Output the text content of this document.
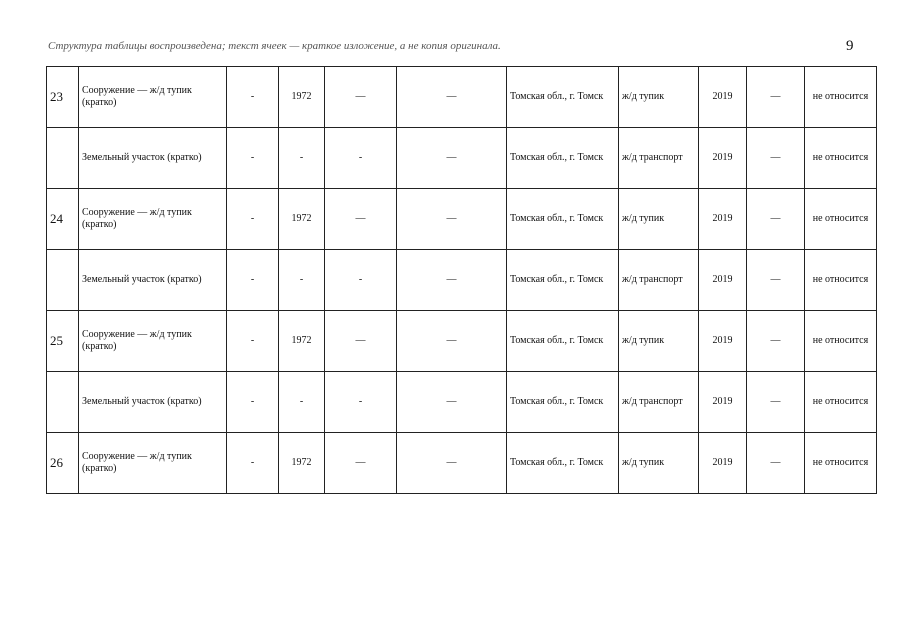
9
Структура таблицы воспроизведена; текст ячеек — краткое изложение, а не копия оригинала.
23	Сооружение — ж/д тупик (кратко)	-	1972	—	—	Томская обл., г. Томск	ж/д тупик	2019	—	не относится
	Земельный участок (кратко)	-	-	-	—	Томская обл., г. Томск	ж/д транспорт	2019	—	не относится
24	Сооружение — ж/д тупик (кратко)	-	1972	—	—	Томская обл., г. Томск	ж/д тупик	2019	—	не относится
	Земельный участок (кратко)	-	-	-	—	Томская обл., г. Томск	ж/д транспорт	2019	—	не относится
25	Сооружение — ж/д тупик (кратко)	-	1972	—	—	Томская обл., г. Томск	ж/д тупик	2019	—	не относится
	Земельный участок (кратко)	-	-	-	—	Томская обл., г. Томск	ж/д транспорт	2019	—	не относится
26	Сооружение — ж/д тупик (кратко)	-	1972	—	—	Томская обл., г. Томск	ж/д тупик	2019	—	не относится
